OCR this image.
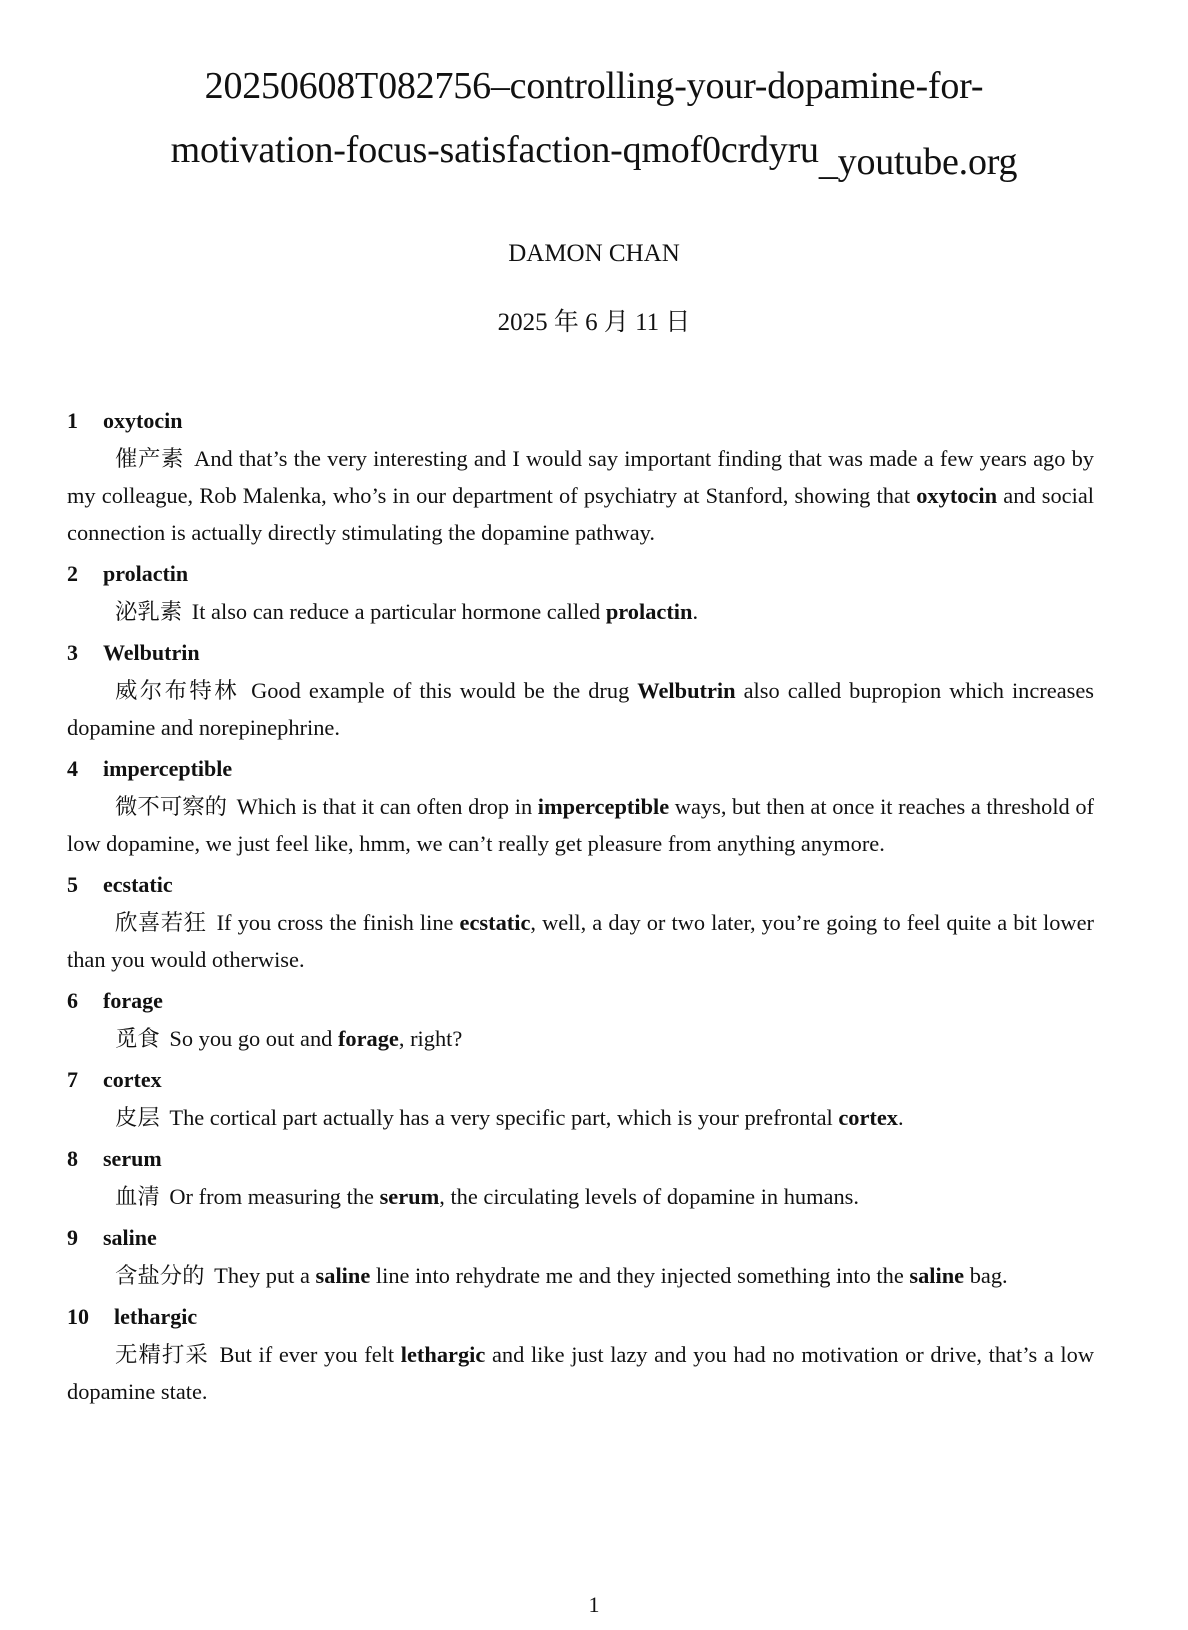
20250608T082756–controlling-your-dopamine-for-
motivation-focus-satisfaction-qmof0crdyru_youtube.org
DAMON CHAN
2025 年 6 月 11 日

1 oxytocin

催产素 And that’s the very interesting and I would say important finding that was made a few years ago by my colleague, Rob Malenka, who’s in our department of psychiatry at Stanford, showing that oxytocin and social connection is actually directly stimulating the dopamine pathway.

2 prolactin

泌乳素 It also can reduce a particular hormone called prolactin.

3 Welbutrin

威尔布特林 Good example of this would be the drug Welbutrin also called bupropion which increases dopamine and norepinephrine.

4 imperceptible

微不可察的 Which is that it can often drop in imperceptible ways, but then at once it reaches a threshold of low dopamine, we just feel like, hmm, we can’t really get pleasure from anything anymore.

5 ecstatic

欣喜若狂 If you cross the finish line ecstatic, well, a day or two later, you’re going to feel quite a bit lower than you would otherwise.

6 forage

觅食 So you go out and forage, right?

7 cortex

皮层 The cortical part actually has a very specific part, which is your prefrontal cortex.

8 serum

血清 Or from measuring the serum, the circulating levels of dopamine in humans.

9 saline

含盐分的 They put a saline line into rehydrate me and they injected something into the saline bag.

10 lethargic

无精打采 But if ever you felt lethargic and like just lazy and you had no motivation or drive, that’s a low dopamine state.

1
